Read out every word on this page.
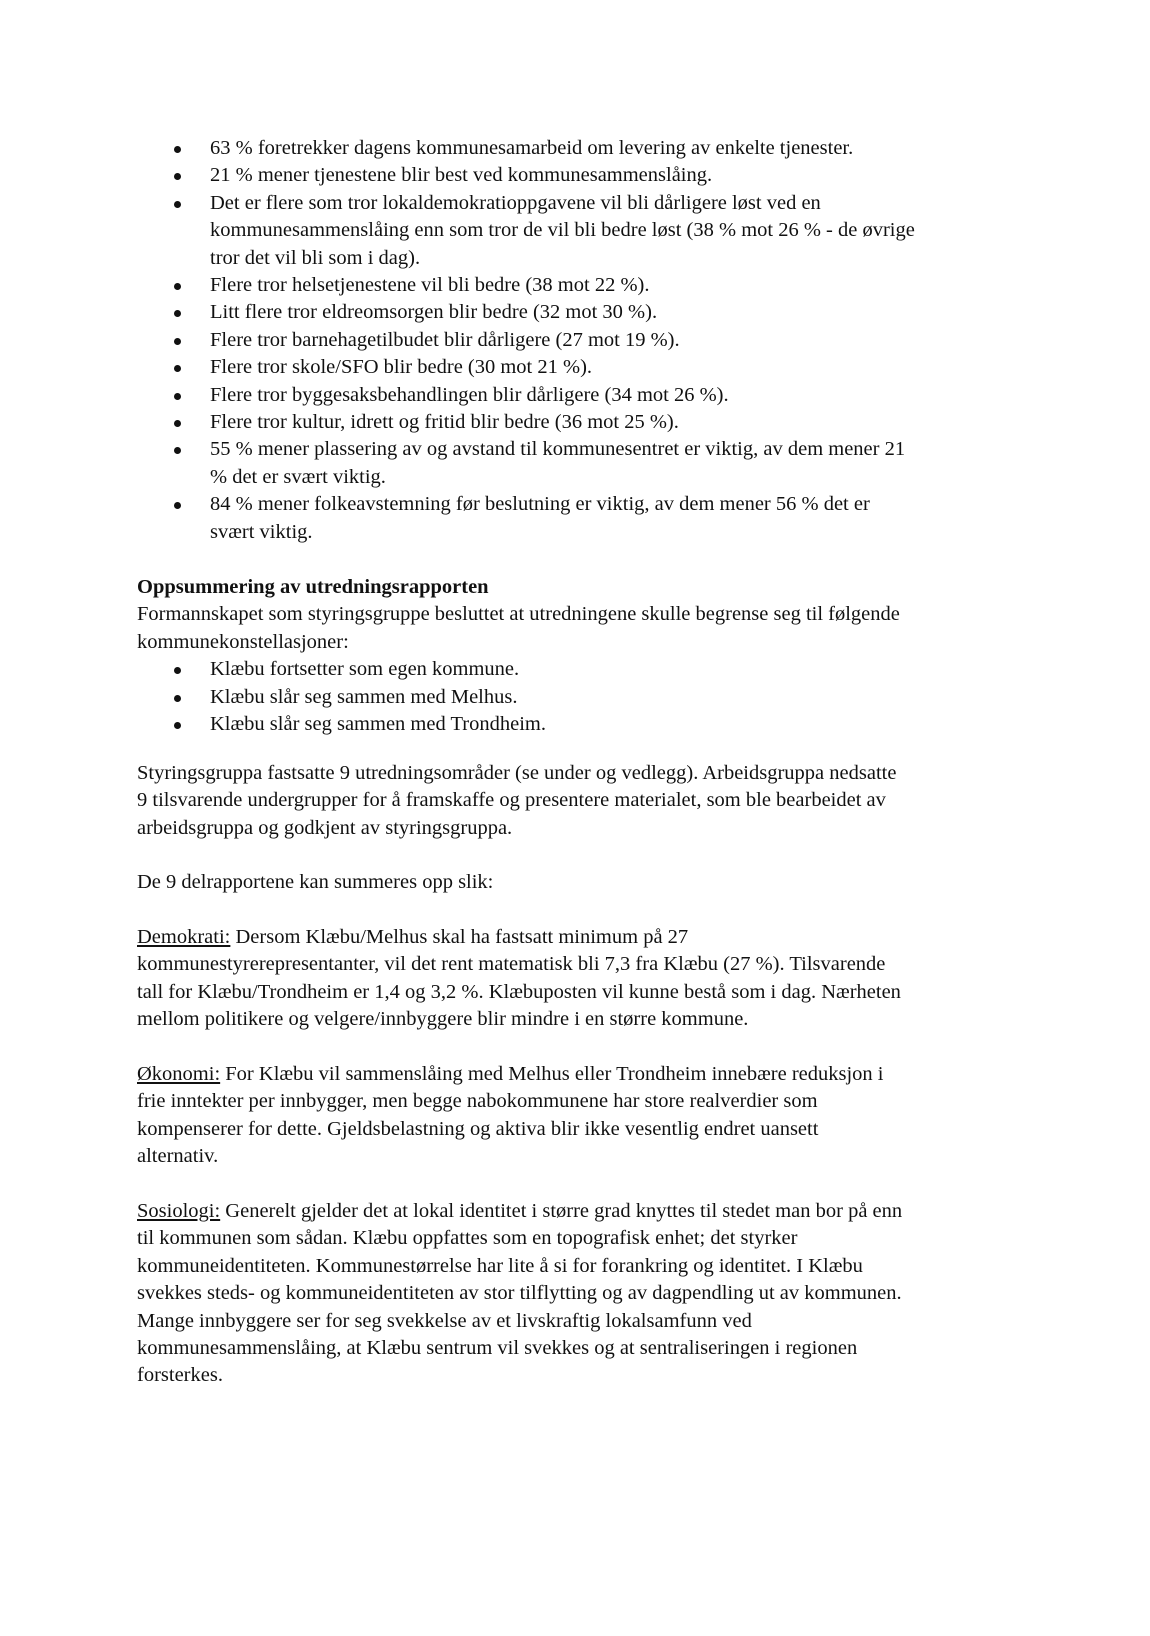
63 % foretrekker dagens kommunesamarbeid om levering av enkelte tjenester.
21 % mener tjenestene blir best ved kommunesammenslåing.
Det er flere som tror lokaldemokratioppgavene vil bli dårligere løst ved en
kommunesammenslåing enn som tror de vil bli bedre løst (38 % mot 26 % - de øvrige
tror det vil bli som i dag).
Flere tror helsetjenestene vil bli bedre (38 mot 22 %).
Litt flere tror eldreomsorgen blir bedre (32 mot 30 %).
Flere tror barnehagetilbudet blir dårligere (27 mot 19 %).
Flere tror skole/SFO blir bedre (30 mot 21 %).
Flere tror byggesaksbehandlingen blir dårligere (34 mot 26 %).
Flere tror kultur, idrett og fritid blir bedre (36 mot 25 %).
55 % mener plassering av og avstand til kommunesentret er viktig, av dem mener 21
% det er svært viktig.
84 % mener folkeavstemning før beslutning er viktig, av dem mener 56 % det er
svært viktig.
Oppsummering av utredningsrapporten

Formannskapet som styringsgruppe besluttet at utredningene skulle begrense seg til følgende
kommunekonstellasjoner:

Klæbu fortsetter som egen kommune.
Klæbu slår seg sammen med Melhus.
Klæbu slår seg sammen med Trondheim.

Styringsgruppa fastsatte 9 utredningsområder (se under og vedlegg). Arbeidsgruppa nedsatte
9 tilsvarende undergrupper for å framskaffe og presentere materialet, som ble bearbeidet av
arbeidsgruppa og godkjent av styringsgruppa.

De 9 delrapportene kan summeres opp slik:

Demokrati: Dersom Klæbu/Melhus skal ha fastsatt minimum på 27
kommunestyrerepresentanter, vil det rent matematisk bli 7,3 fra Klæbu (27 %). Tilsvarende
tall for Klæbu/Trondheim er 1,4 og 3,2 %. Klæbuposten vil kunne bestå som i dag. Nærheten
mellom politikere og velgere/innbyggere blir mindre i en større kommune.

Økonomi: For Klæbu vil sammenslåing med Melhus eller Trondheim innebære reduksjon i
frie inntekter per innbygger, men begge nabokommunene har store realverdier som
kompenserer for dette. Gjeldsbelastning og aktiva blir ikke vesentlig endret uansett
alternativ.

Sosiologi: Generelt gjelder det at lokal identitet i større grad knyttes til stedet man bor på enn
til kommunen som sådan. Klæbu oppfattes som en topografisk enhet; det styrker
kommuneidentiteten. Kommunestørrelse har lite å si for forankring og identitet. I Klæbu
svekkes steds- og kommuneidentiteten av stor tilflytting og av dagpendling ut av kommunen.
Mange innbyggere ser for seg svekkelse av et livskraftig lokalsamfunn ved
kommunesammenslåing, at Klæbu sentrum vil svekkes og at sentraliseringen i regionen
forsterkes.
